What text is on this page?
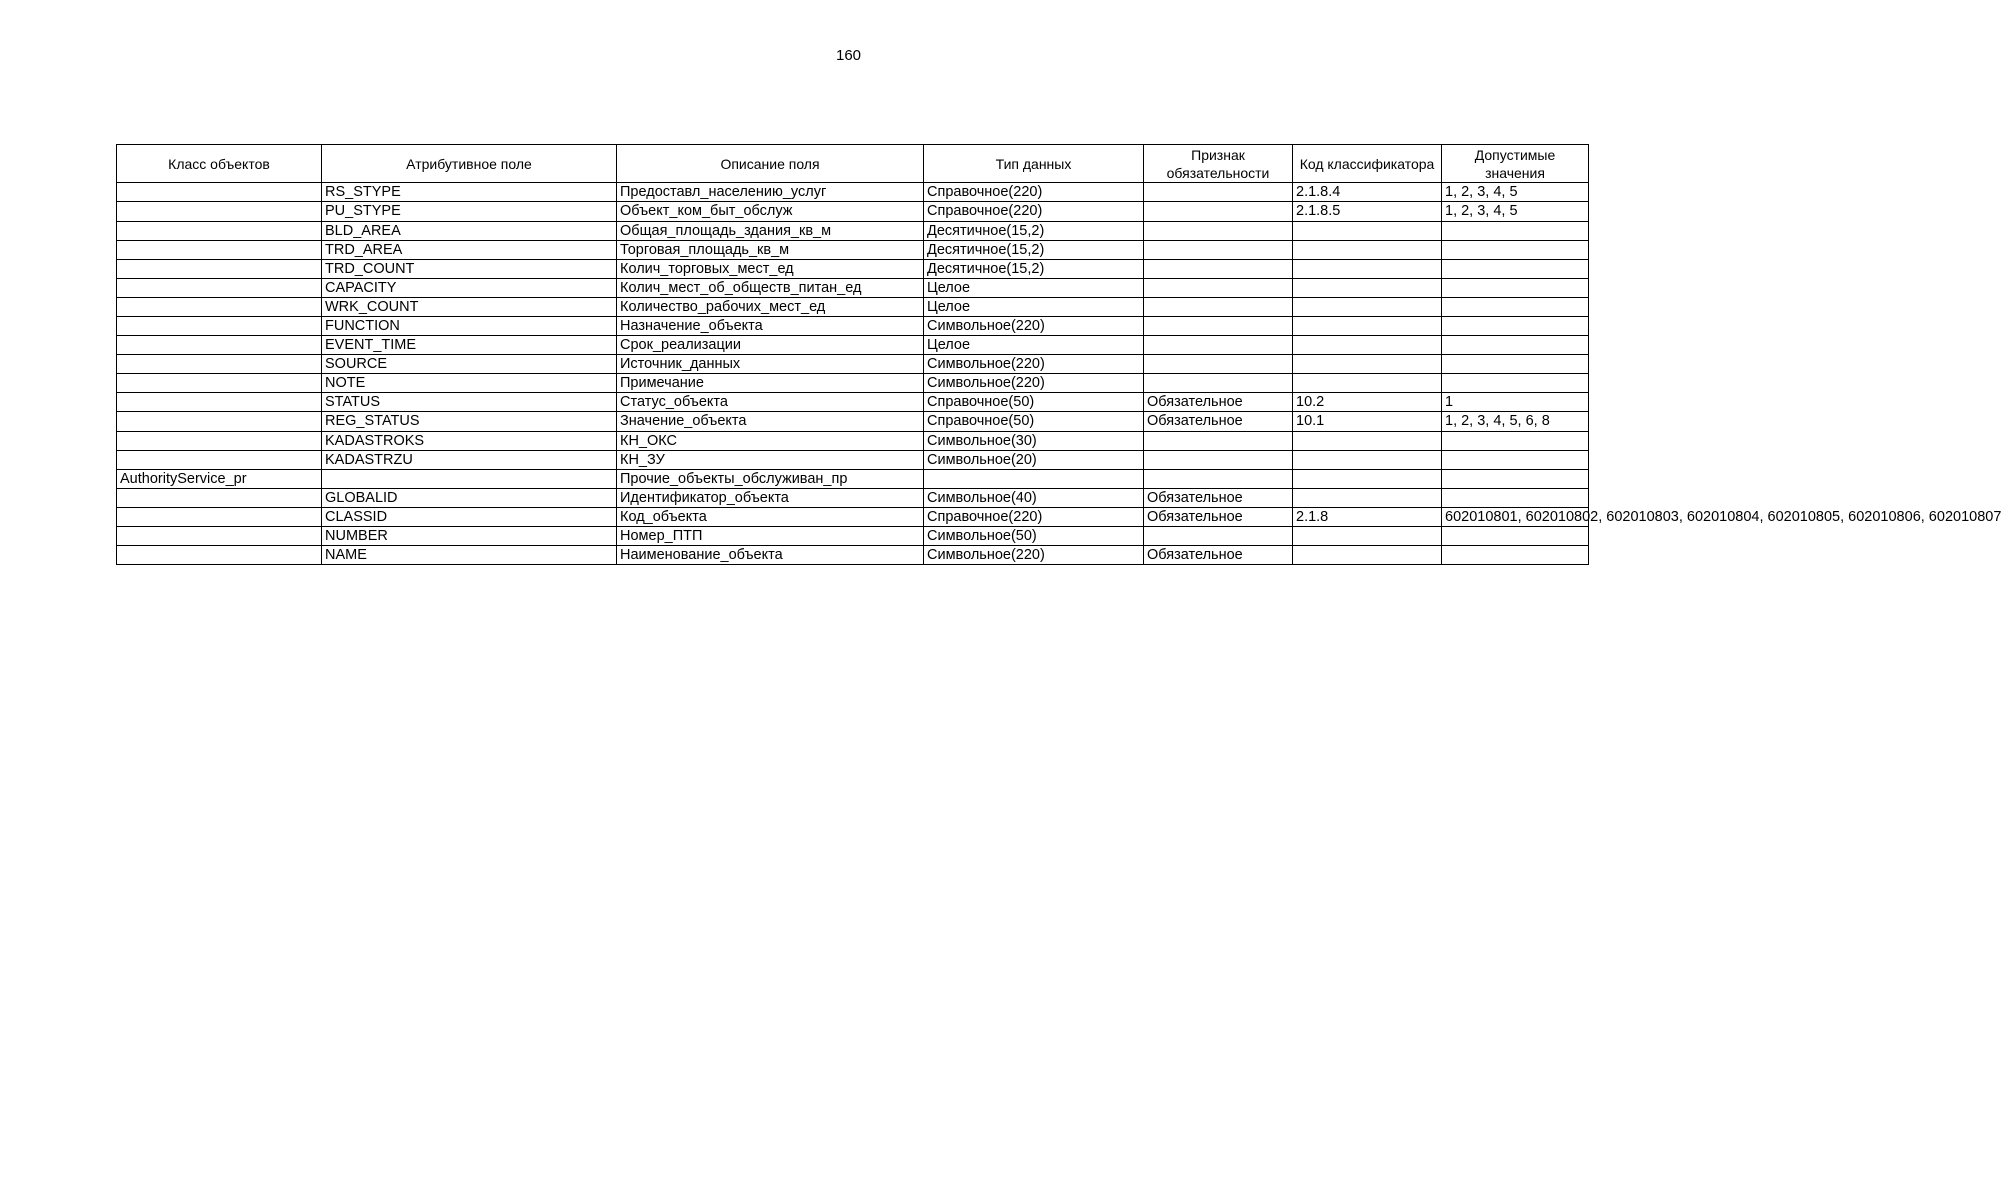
160
Класс объектов	Атрибутивное поле	Описание поля	Тип данных	Признак обязательности	Код классификатора	Допустимые значения
	RS_STYPE	Предоставл_населению_услуг	Справочное(220)		2.1.8.4	1, 2, 3, 4, 5
	PU_STYPE	Объект_ком_быт_обслуж	Справочное(220)		2.1.8.5	1, 2, 3, 4, 5
	BLD_AREA	Общая_площадь_здания_кв_м	Десятичное(15,2)			
	TRD_AREA	Торговая_площадь_кв_м	Десятичное(15,2)			
	TRD_COUNT	Колич_торговых_мест_ед	Десятичное(15,2)			
	CAPACITY	Колич_мест_об_обществ_питан_ед	Целое			
	WRK_COUNT	Количество_рабочих_мест_ед	Целое			
	FUNCTION	Назначение_объекта	Символьное(220)			
	EVENT_TIME	Срок_реализации	Целое			
	SOURCE	Источник_данных	Символьное(220)			
	NOTE	Примечание	Символьное(220)			
	STATUS	Статус_объекта	Справочное(50)	Обязательное	10.2	1
	REG_STATUS	Значение_объекта	Справочное(50)	Обязательное	10.1	1, 2, 3, 4, 5, 6, 8
	KADASTROKS	КН_ОКС	Символьное(30)			
	KADASTRZU	КН_ЗУ	Символьное(20)			
AuthorityService_pr		Прочие_объекты_обслуживан_пр				
	GLOBALID	Идентификатор_объекта	Символьное(40)	Обязательное		
	CLASSID	Код_объекта	Справочное(220)	Обязательное	2.1.8	602010801, 602010802, 602010803, 602010804, 602010805, 602010806, 602010807
	NUMBER	Номер_ПТП	Символьное(50)			
	NAME	Наименование_объекта	Символьное(220)	Обязательное		
